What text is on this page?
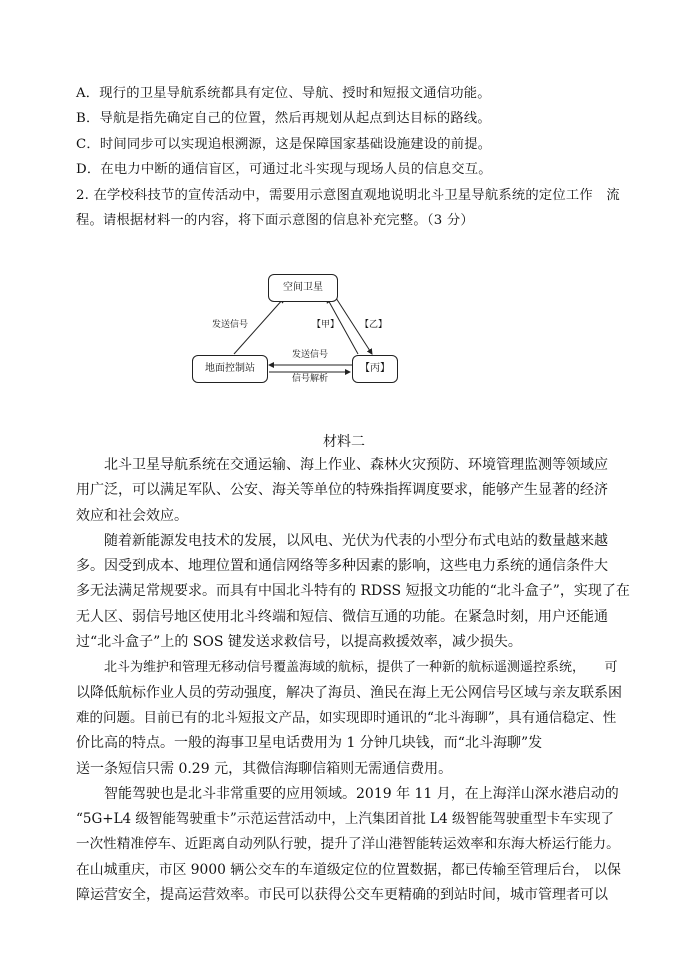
A．现行的卫星导航系统都具有定位、导航、授时和短报文通信功能。
B．导航是指先确定自己的位置，然后再规划从起点到达目标的路线。
C．时间同步可以实现追根溯源，这是保障国家基础设施建设的前提。
D．在电力中断的通信盲区，可通过北斗实现与现场人员的信息交互。
2. 在学校科技节的宣传活动中，需要用示意图直观地说明北斗卫星导航系统的定位工作　流
程。请根据材料一的内容，将下面示意图的信息补充完整。（3 分）
空间卫星
地面控制站	【丙】
发送信号	【甲】 【乙】
发送信号
信号解析
材料二

北斗卫星导航系统在交通运输、海上作业、森林火灾预防、环境管理监测等领域应

用广泛，可以满足军队、公安、海关等单位的特殊指挥调度要求，能够产生显著的经济

效应和社会效应。

随着新能源发电技术的发展，以风电、光伏为代表的小型分布式电站的数量越来越

多。因受到成本、地理位置和通信网络等多种因素的影响，这些电力系统的通信条件大

多无法满足常规要求。而具有中国北斗特有的 RDSS 短报文功能的“北斗盒子”，实现了在

无人区、弱信号地区使用北斗终端和短信、微信互通的功能。在紧急时刻，用户还能通

过“北斗盒子”上的 SOS 键发送求救信号，以提高救援效率，减少损失。

北斗为维护和管理无移动信号覆盖海域的航标，提供了一种新的航标遥测遥控系统，　　可

以降低航标作业人员的劳动强度，解决了海员、渔民在海上无公网信号区域与亲友联系困

难的问题。目前已有的北斗短报文产品，如实现即时通讯的“北斗海聊”，具有通信稳定、性

价比高的特点。一般的海事卫星电话费用为 1 分钟几块钱，而“北斗海聊”发

送一条短信只需 0.29 元，其微信海聊信箱则无需通信费用。

智能驾驶也是北斗非常重要的应用领域。2019 年 11 月，在上海洋山深水港启动的

“5G+L4 级智能驾驶重卡”示范运营活动中，上汽集团首批 L4 级智能驾驶重型卡车实现了

一次性精准停车、近距离自动列队行驶，提升了洋山港智能转运效率和东海大桥运行能力。

在山城重庆，市区 9000 辆公交车的车道级定位的位置数据，都已传输至管理后台， 以保

障运营安全，提高运营效率。市民可以获得公交车更精确的到站时间，城市管理者可以
